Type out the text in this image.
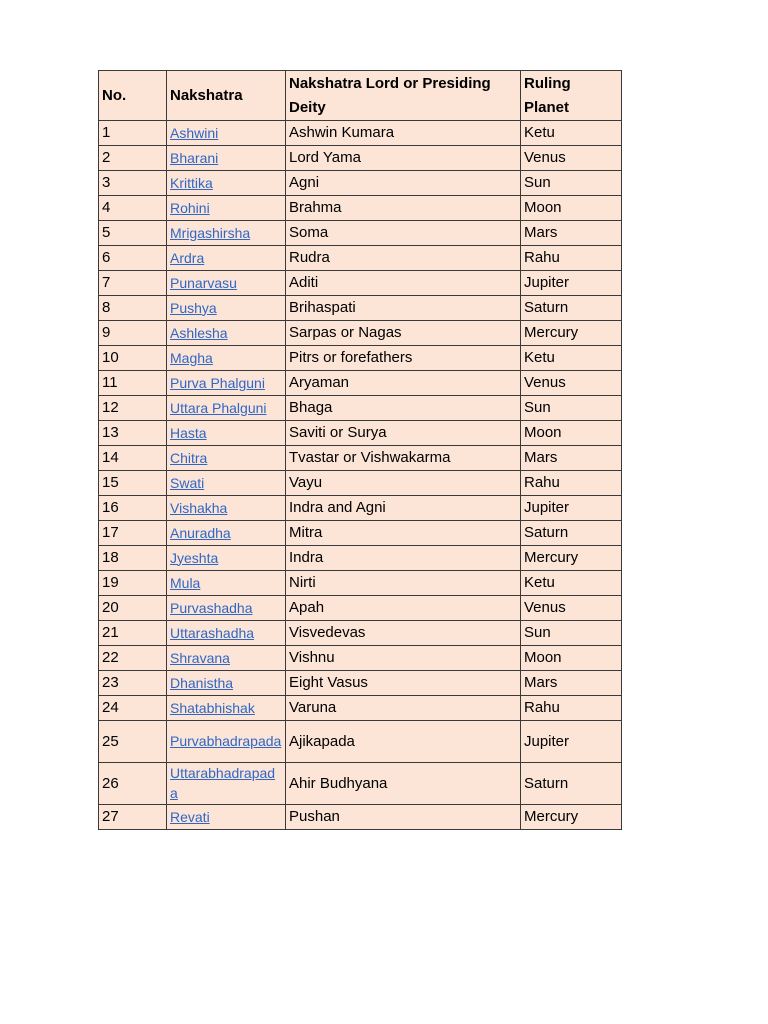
No.	Nakshatra	Nakshatra Lord or Presiding Deity	Ruling Planet
1	Ashwini	Ashwin Kumara	Ketu
2	Bharani	Lord Yama	Venus
3	Krittika	Agni	Sun
4	Rohini	Brahma	Moon
5	Mrigashirsha	Soma	Mars
6	Ardra	Rudra	Rahu
7	Punarvasu	Aditi	Jupiter
8	Pushya	Brihaspati	Saturn
9	Ashlesha	Sarpas or Nagas	Mercury
10	Magha	Pitrs or forefathers	Ketu
11	Purva Phalguni	Aryaman	Venus
12	Uttara Phalguni	Bhaga	Sun
13	Hasta	Saviti or Surya	Moon
14	Chitra	Tvastar or Vishwakarma	Mars
15	Swati	Vayu	Rahu
16	Vishakha	Indra and Agni	Jupiter
17	Anuradha	Mitra	Saturn
18	Jyeshta	Indra	Mercury
19	Mula	Nirti	Ketu
20	Purvashadha	Apah	Venus
21	Uttarashadha	Visvedevas	Sun
22	Shravana	Vishnu	Moon
23	Dhanistha	Eight Vasus	Mars
24	Shatabhishak	Varuna	Rahu
25	Purvabhadrapada	Ajikapada	Jupiter
26	Uttarabhadrapada	Ahir Budhyana	Saturn
27	Revati	Pushan	Mercury
